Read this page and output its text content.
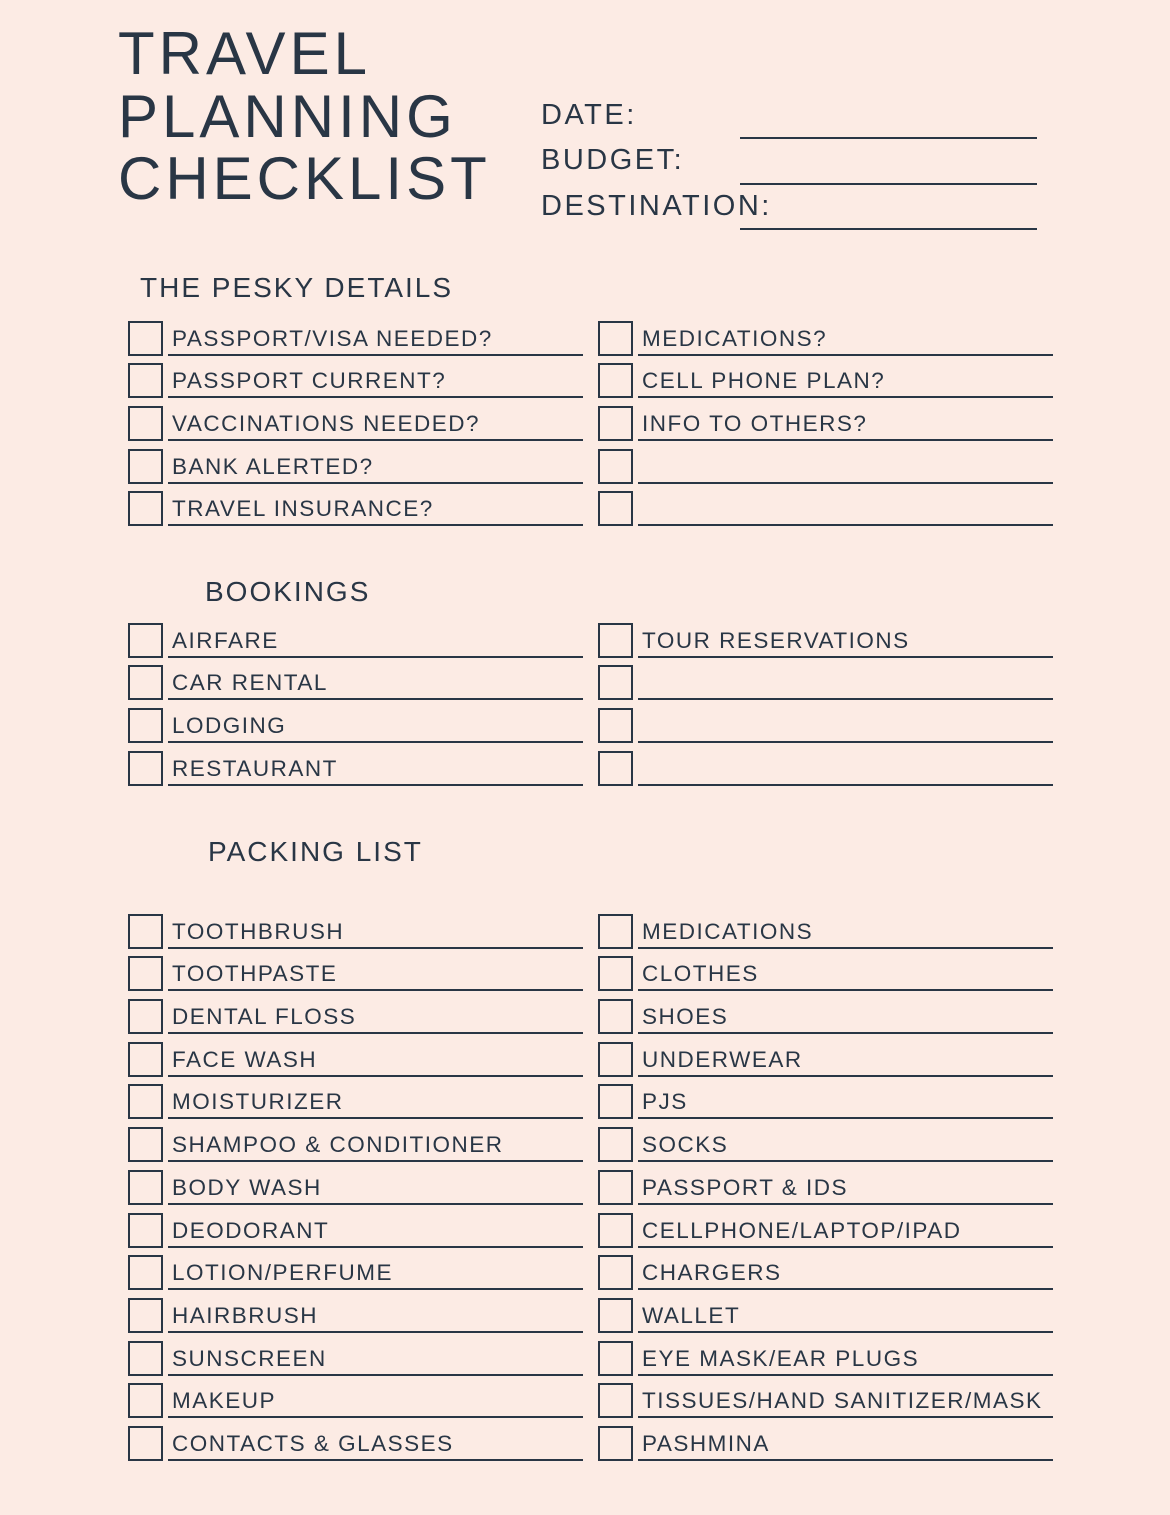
TRAVEL
PLANNING
CHECKLIST
DATE:
BUDGET:
DESTINATION:
THE PESKY DETAILS
PASSPORT/VISA NEEDED?
PASSPORT CURRENT?
VACCINATIONS NEEDED?
BANK ALERTED?
TRAVEL INSURANCE?
MEDICATIONS?
CELL PHONE PLAN?
INFO TO OTHERS?
BOOKINGS
AIRFARE
CAR RENTAL
LODGING
RESTAURANT
TOUR RESERVATIONS
PACKING LIST
TOOTHBRUSH
TOOTHPASTE
DENTAL FLOSS
FACE WASH
MOISTURIZER
SHAMPOO & CONDITIONER
BODY WASH
DEODORANT
LOTION/PERFUME
HAIRBRUSH
SUNSCREEN
MAKEUP
CONTACTS & GLASSES
MEDICATIONS
CLOTHES
SHOES
UNDERWEAR
PJS
SOCKS
PASSPORT & IDS
CELLPHONE/LAPTOP/IPAD
CHARGERS
WALLET
EYE MASK/EAR PLUGS
TISSUES/HAND SANITIZER/MASK
PASHMINA
